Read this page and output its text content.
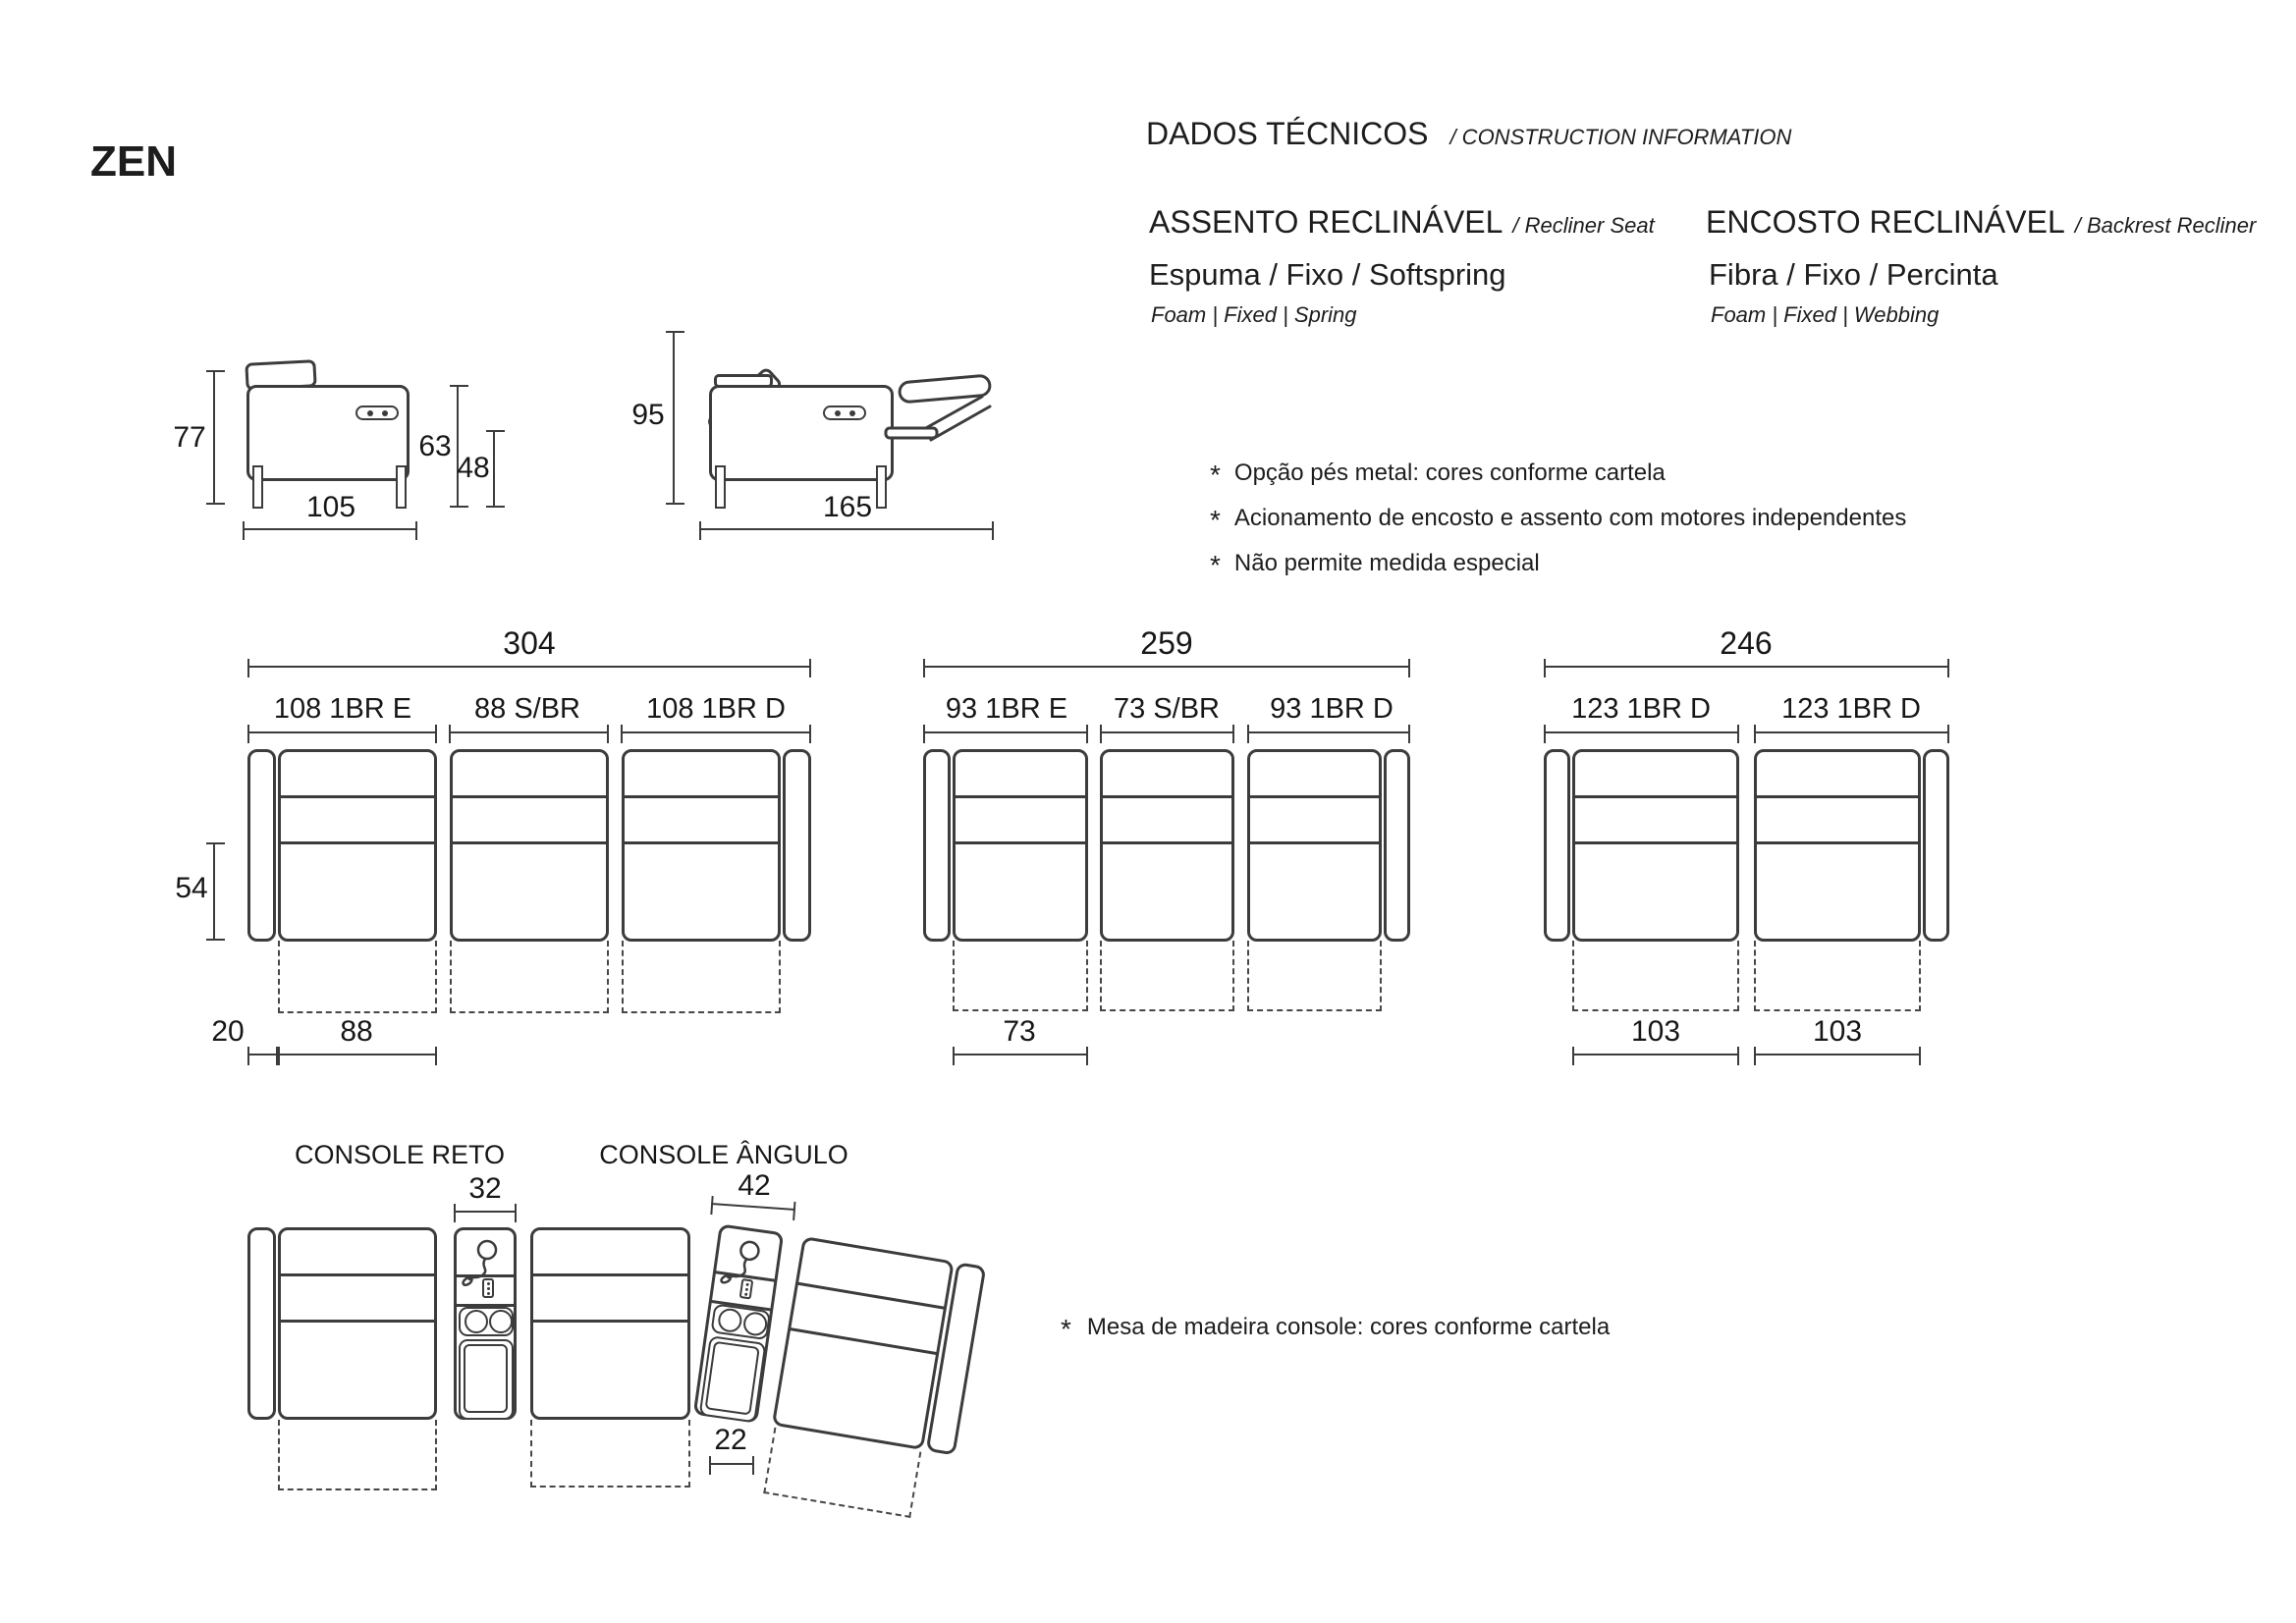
ZEN
DADOS TÉCNICOS / CONSTRUCTION INFORMATION
ASSENTO RECLINÁVEL / Recliner Seat
Espuma / Fixo / Softspring
Foam | Fixed | Spring
ENCOSTO RECLINÁVEL / Backrest Recliner
Fibra / Fixo / Percinta
Foam | Fixed | Webbing
* Opção pés metal: cores conforme cartela
* Acionamento de encosto e assento com motores independentes
* Não permite medida especial
77	63
48
105
95
165
304
108 1BR E 88 S/BR 108 1BR D
54
20	88
259
93 1BR E 73 S/BR 93 1BR D
73
246
123 1BR D 123 1BR D
103	103
CONSOLE RETO	CONSOLE ÂNGULO
32	42
22
* Mesa de madeira console: cores conforme cartela
